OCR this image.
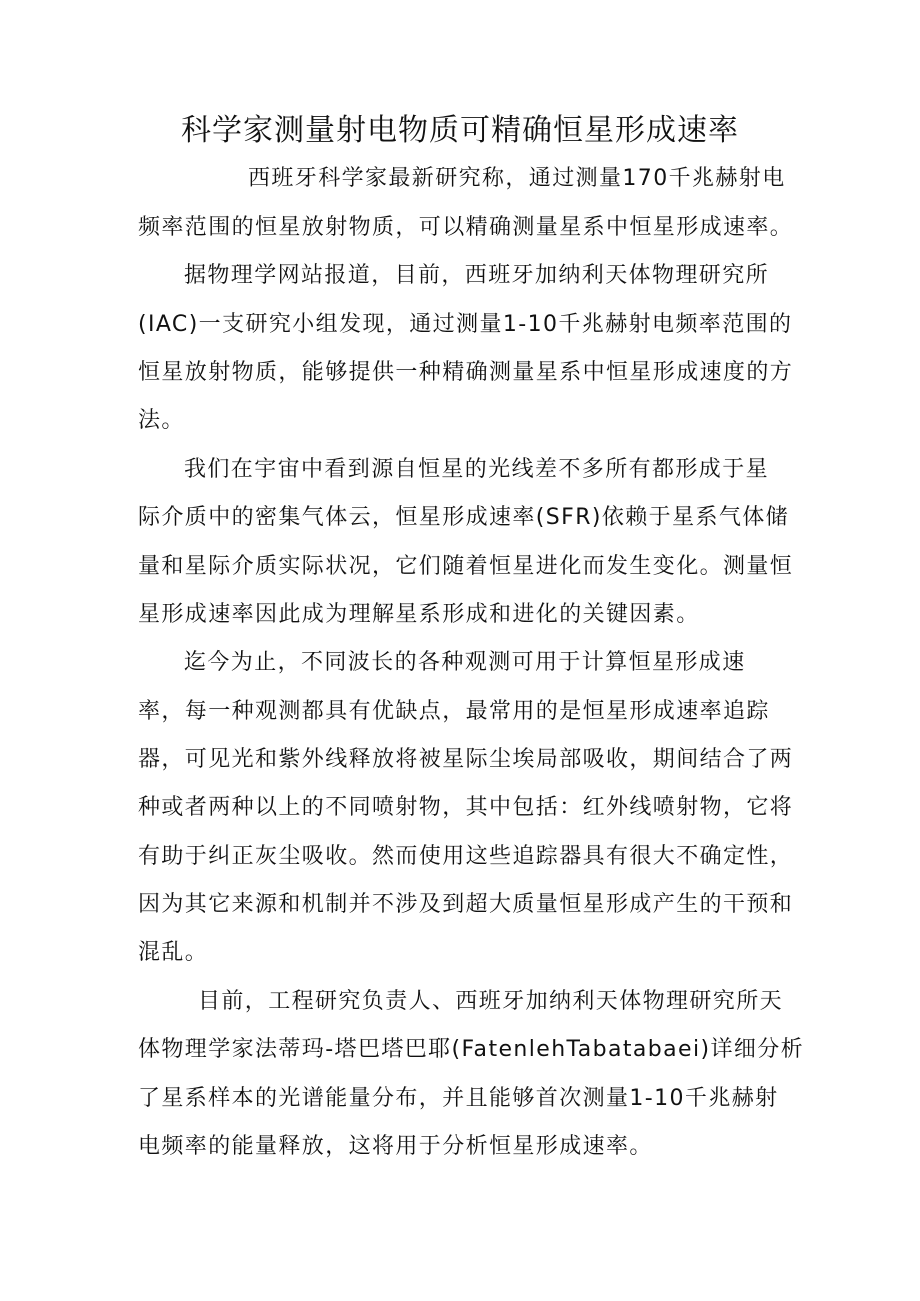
科学家测量射电物质可精确恒星形成速率

西班牙科学家最新研究称，通过测量170千兆赫射电

频率范围的恒星放射物质，可以精确测量星系中恒星形成速率。

据物理学网站报道，目前，西班牙加纳利天体物理研究所

(IAC)一支研究小组发现，通过测量1-10千兆赫射电频率范围的

恒星放射物质，能够提供一种精确测量星系中恒星形成速度的方

法。

我们在宇宙中看到源自恒星的光线差不多所有都形成于星

际介质中的密集气体云，恒星形成速率(SFR)依赖于星系气体储

量和星际介质实际状况，它们随着恒星进化而发生变化。测量恒

星形成速率因此成为理解星系形成和进化的关键因素。

迄今为止，不同波长的各种观测可用于计算恒星形成速

率，每一种观测都具有优缺点，最常用的是恒星形成速率追踪

器，可见光和紫外线释放将被星际尘埃局部吸收，期间结合了两

种或者两种以上的不同喷射物，其中包括：红外线喷射物，它将

有助于纠正灰尘吸收。然而使用这些追踪器具有很大不确定性，

因为其它来源和机制并不涉及到超大质量恒星形成产生的干预和

混乱。

目前，工程研究负责人、西班牙加纳利天体物理研究所天

体物理学家法蒂玛-塔巴塔巴耶(FatenlehTabatabaei)详细分析

了星系样本的光谱能量分布，并且能够首次测量1-10千兆赫射

电频率的能量释放，这将用于分析恒星形成速率。
